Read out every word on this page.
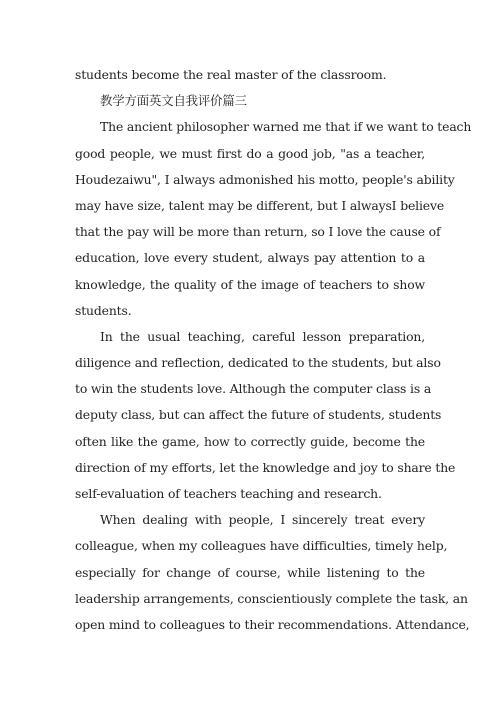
students become the real master of the classroom.
教学方面英文自我评价篇三
The ancient philosopher warned me that if we want to teach
good people, we must first do a good job, "as a teacher,
Houdezaiwu", I always admonished his motto, people's ability
may have size, talent may be different, but I alwaysI believe
that the pay will be more than return, so I love the cause of
education, love every student, always pay attention to a
knowledge, the quality of the image of teachers to show
students.
In the usual teaching, careful lesson preparation,
diligence and reflection, dedicated to the students, but also
to win the students love. Although the computer class is a
deputy class, but can affect the future of students, students
often like the game, how to correctly guide, become the
direction of my efforts, let the knowledge and joy to share the
self-evaluation of teachers teaching and research.
When dealing with people, I sincerely treat every
colleague, when my colleagues have difficulties, timely help,
especially for change of course, while listening to the
leadership arrangements, conscientiously complete the task, an
open mind to colleagues to their recommendations. Attendance,
